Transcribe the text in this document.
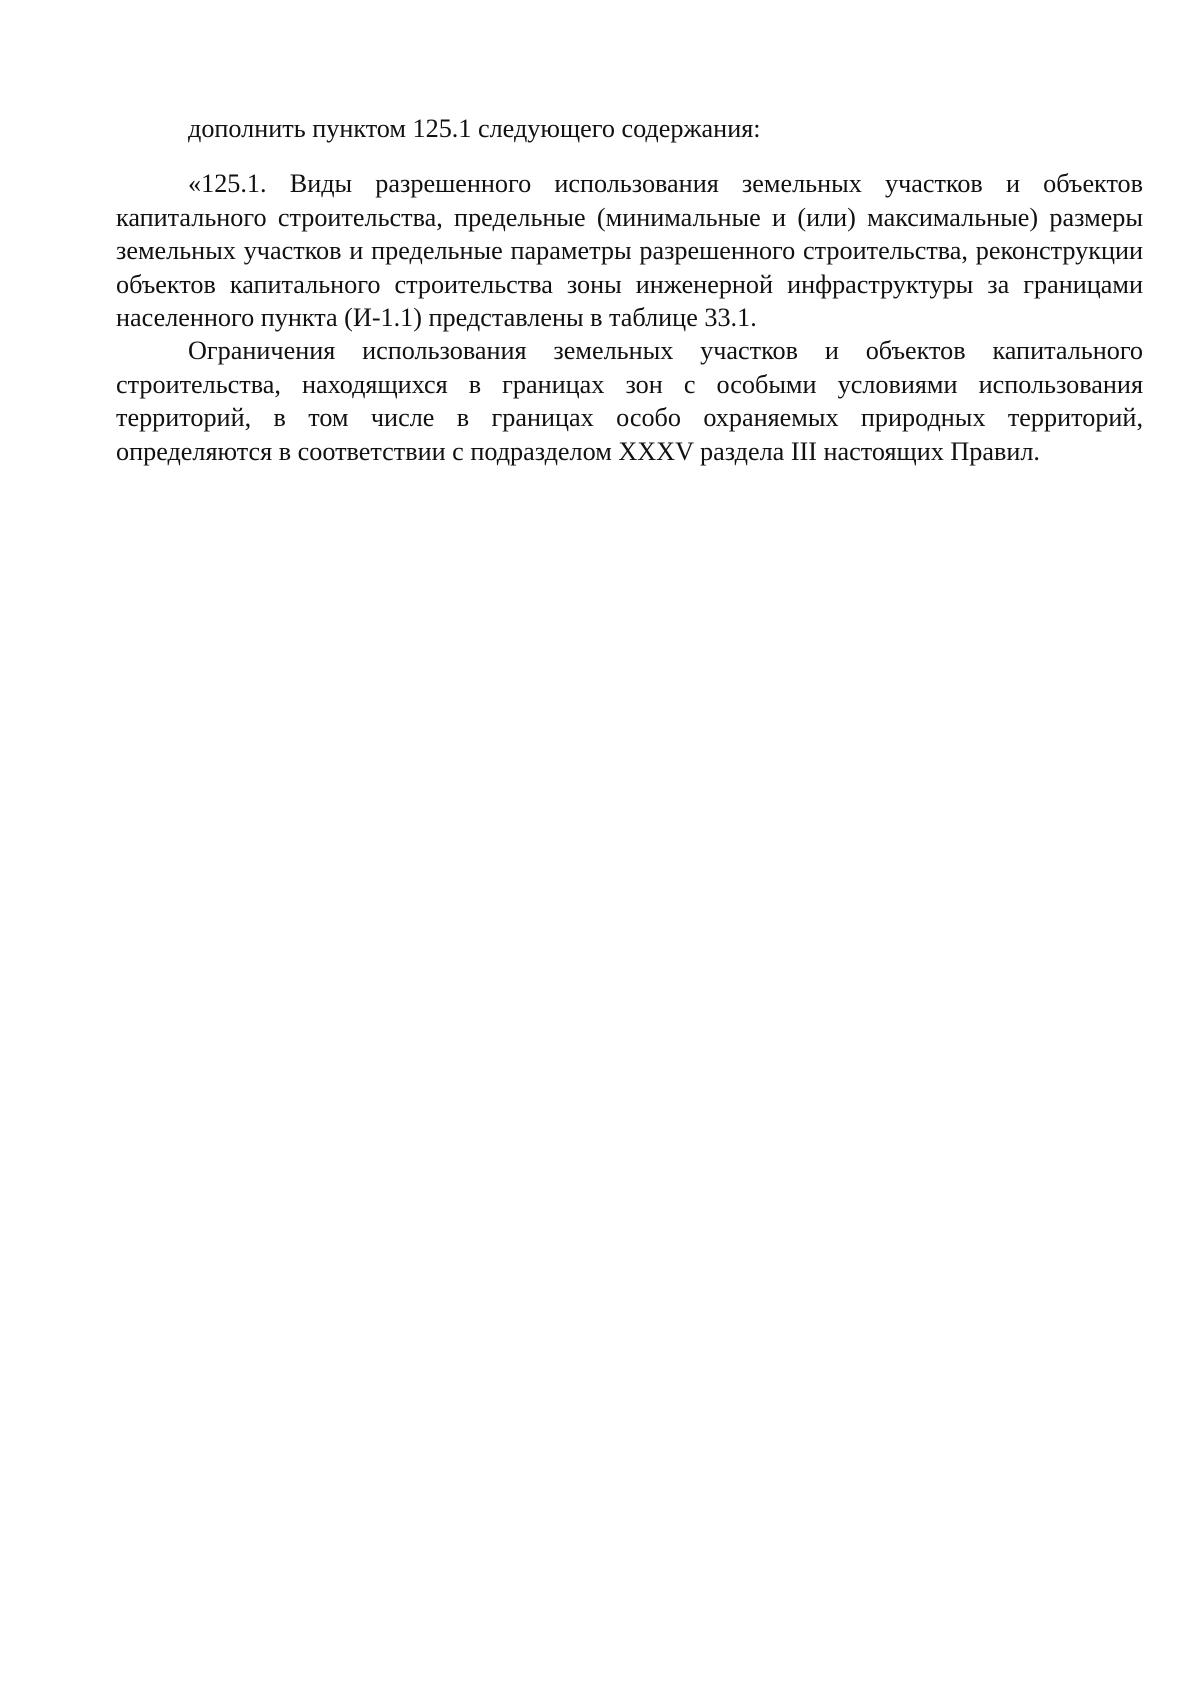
дополнить пунктом 125.1 следующего содержания:

«125.1. Виды разрешенного использования земельных участков и объектов капитального строительства, предельные (минимальные и (или) максимальные) размеры земельных участков и предельные параметры разрешенного строительства, реконструкции объектов капитального строительства зоны инженерной инфраструктуры за границами населенного пункта (И-1.1) представлены в таблице 33.1.

Ограничения использования земельных участков и объектов капитального строительства, находящихся в границах зон с особыми условиями использования территорий, в том числе в границах особо охраняемых природных территорий, определяются в соответствии с подразделом XXXV раздела III настоящих Правил.
